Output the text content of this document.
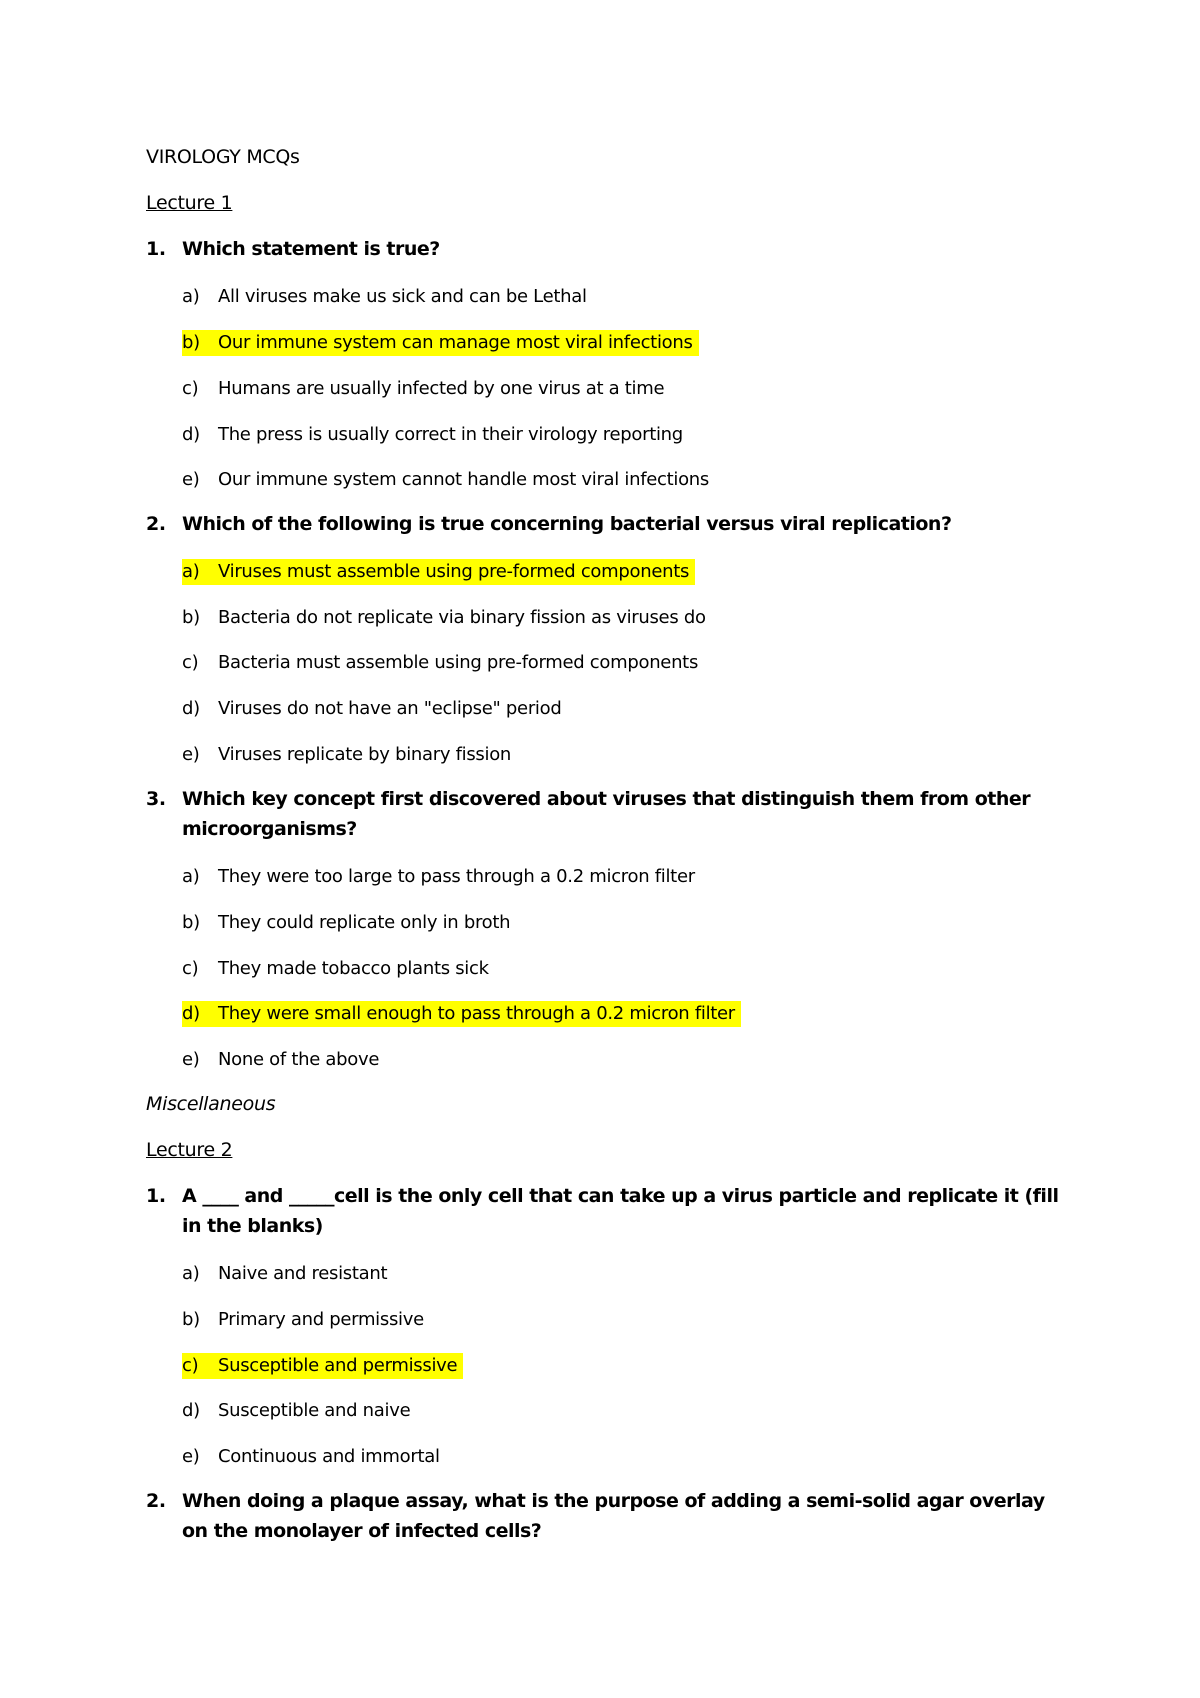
VIROLOGY MCQs
Lecture 1
1. Which statement is true?
a) All viruses make us sick and can be Lethal
b) Our immune system can manage most viral infections
c) Humans are usually infected by one virus at a time
d) The press is usually correct in their virology reporting
e) Our immune system cannot handle most viral infections
2. Which of the following is true concerning bacterial versus viral replication?
a) Viruses must assemble using pre-formed components
b) Bacteria do not replicate via binary fission as viruses do
c) Bacteria must assemble using pre-formed components
d) Viruses do not have an "eclipse" period
e) Viruses replicate by binary fission
3. Which key concept first discovered about viruses that distinguish them from other microorganisms?
a) They were too large to pass through a 0.2 micron filter
b) They could replicate only in broth
c) They made tobacco plants sick
d) They were small enough to pass through a 0.2 micron filter
e) None of the above
Miscellaneous
Lecture 2
1. A ____ and _____cell is the only cell that can take up a virus particle and replicate it (fill in the blanks)
a) Naive and resistant
b) Primary and permissive
c) Susceptible and permissive
d) Susceptible and naive
e) Continuous and immortal
2. When doing a plaque assay, what is the purpose of adding a semi-solid agar overlay on the monolayer of infected cells?
